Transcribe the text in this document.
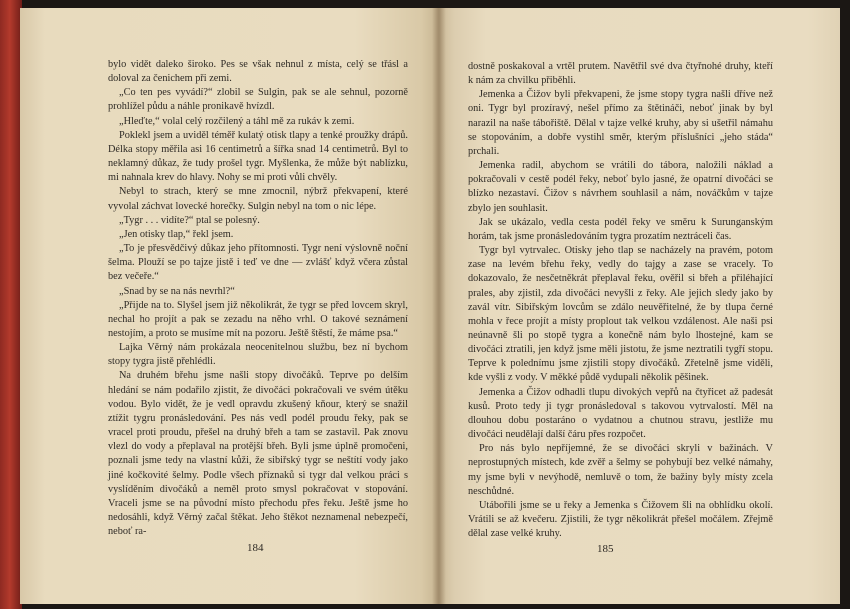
bylo vidět daleko široko. Pes se však nehnul z místa, celý se třásl a doloval za čenichem při zemi.

„Co ten pes vyvádí?“ zlobil se Sulgin, pak se ale sehnul, pozorně prohlížel půdu a náhle pronikavě hvízdl.

„Hleďte,“ volal celý rozčilený a táhl mě za rukáv k zemi.

Poklekl jsem a uviděl téměř kulatý otisk tlapy a tenké proužky drápů. Délka stopy měřila asi 16 centimetrů a šířka snad 14 centimetrů. Byl to neklamný důkaz, že tudy prošel tygr. Myšlenka, že může být nablízku, mi nahnala krev do hlavy. Nohy se mi proti vůli chvěly.

Nebyl to strach, který se mne zmocnil, nýbrž překvapení, které vyvolal záchvat lovecké horečky. Sulgin nebyl na tom o nic lépe.

„Tygr . . . vidíte?“ ptal se polesný.

„Jen otisky tlap,“ řekl jsem.

„To je přesvědčivý důkaz jeho přítomnosti. Tygr není výslovně noční šelma. Plouží se po tajze jistě i teď ve dne — zvlášť když včera zůstal bez večeře.“

„Snad by se na nás nevrhl?“

„Přijde na to. Slyšel jsem již několikrát, že tygr se před lovcem skryl, nechal ho projít a pak se zezadu na něho vrhl. O takové seznámení nestojím, a proto se musíme mít na pozoru. Ještě štěstí, že máme psa.“

Lajka Věrný nám prokázala neocenitelnou službu, bez ní bychom stopy tygra jistě přehlédli.

Na druhém břehu jsme našli stopy divočáků. Teprve po delším hledání se nám podařilo zjistit, že divočáci pokračovali ve svém útěku vodou. Bylo vidět, že je vedl opravdu zkušený kňour, který se snažil ztížit tygru pronásledování. Pes nás vedl podél proudu řeky, pak se vracel proti proudu, přešel na druhý břeh a tam se zastavil. Pak znovu vlezl do vody a přeplaval na protější břeh. Byli jsme úplně promočeni, poznali jsme tedy na vlastní kůži, že sibiřský tygr se neštítí vody jako jiné kočkovité šelmy. Podle všech příznaků si tygr dal velkou práci s vyslíděním divočáků a neměl proto smysl pokračovat v stopování. Vraceli jsme se na původní místo přechodu přes řeku. Ještě jsme ho nedosáhli, když Věrný začal štěkat. Jeho štěkot neznamenal nebezpečí, neboť ra-

184

dostně poskakoval a vrtěl prutem. Navětřil své dva čtyřnohé druhy, kteří k nám za chvilku přiběhli.

Jemenka a Čižov byli překvapeni, že jsme stopy tygra našli dříve než oni. Tygr byl prozíravý, nešel přímo za štětináči, neboť jinak by byl narazil na naše tábořiště. Dělal v tajze velké kruhy, aby si ušetřil námahu se stopováním, a dobře vystihl směr, kterým příslušníci „jeho stáda“ prchali.

Jemenka radil, abychom se vrátili do tábora, naložili náklad a pokračovali v cestě podél řeky, neboť bylo jasné, že opatrní divočáci se blízko nezastaví. Čižov s návrhem souhlasil a nám, nováčkům v tajze zbylo jen souhlasit.

Jak se ukázalo, vedla cesta podél řeky ve směru k Surunganským horám, tak jsme pronásledováním tygra prozatím neztráceli čas.

Tygr byl vytrvalec. Otisky jeho tlap se nacházely na pravém, potom zase na levém břehu řeky, vedly do tajgy a zase se vracely. To dokazovalo, že nesčetněkrát přeplaval řeku, ověřil si břeh a přiléhající prales, aby zjistil, zda divočáci nevyšli z řeky. Ale jejich sledy jako by zavál vítr. Sibiřským lovcům se zdálo neuvěřitelné, že by tlupa černé mohla v řece projít a místy proplout tak velkou vzdálenost. Ale naši psi neúnavně šli po stopě tygra a konečně nám bylo lhostejné, kam se divočáci ztratili, jen když jsme měli jistotu, že jsme neztratili tygří stopu. Teprve k polednímu jsme zjistili stopy divočáků. Zřetelně jsme viděli, kde vyšli z vody. V měkké půdě vydupali několik pěšinek.

Jemenka a Čižov odhadli tlupu divokých vepřů na čtyřicet až padesát kusů. Proto tedy ji tygr pronásledoval s takovou vytrvalostí. Měl na dlouhou dobu postaráno o vydatnou a chutnou stravu, jestliže mu divočáci neudělají další čáru přes rozpočet.

Pro nás bylo nepříjemné, že se divočáci skryli v bažinách. V neprostupných místech, kde zvěř a šelmy se pohybují bez velké námahy, my jsme byli v nevýhodě, nemluvě o tom, že bažiny byly místy zcela neschůdné.

Utábořili jsme se u řeky a Jemenka s Čižovem šli na obhlídku okolí. Vrátili se až kvečeru. Zjistili, že tygr několikrát přešel močálem. Zřejmě dělal zase velké kruhy.

185
